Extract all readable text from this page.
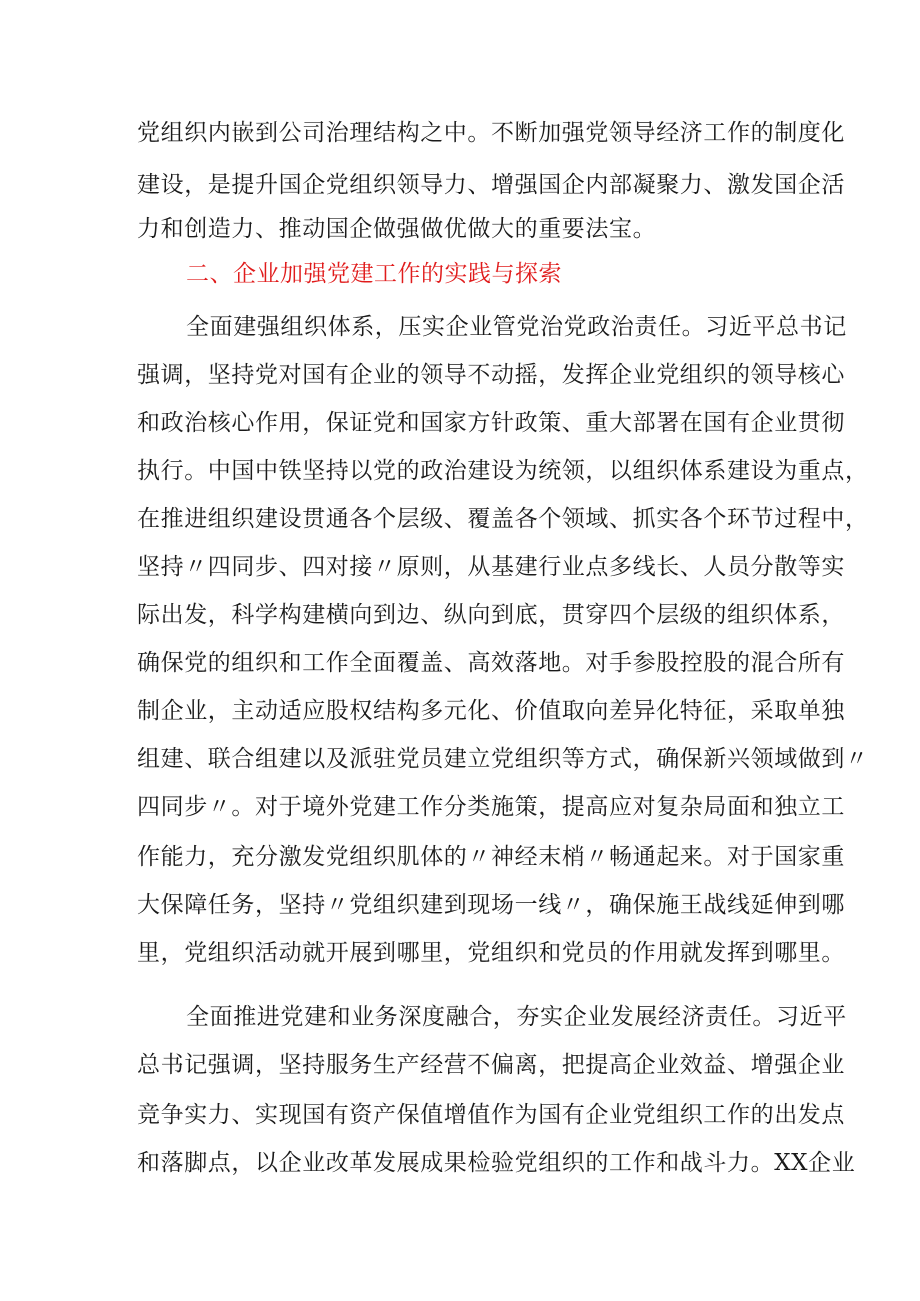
党组织内嵌到公司治理结构之中。不断加强党领导经济工作的制度化
建设，是提升国企党组织领导力、增强国企内部凝聚力、激发国企活
力和创造力、推动国企做强做优做大的重要法宝。
二、企业加强党建工作的实践与探索
全面建强组织体系，压实企业管党治党政治责任。习近平总书记
强调，坚持党对国有企业的领导不动摇，发挥企业党组织的领导核心
和政治核心作用，保证党和国家方针政策、重大部署在国有企业贯彻
执行。中国中铁坚持以党的政治建设为统领，以组织体系建设为重点，
在推进组织建设贯通各个层级、覆盖各个领域、抓实各个环节过程中，
坚持〃四同步、四对接〃原则，从基建行业点多线长、人员分散等实
际出发，科学构建横向到边、纵向到底，贯穿四个层级的组织体系，
确保党的组织和工作全面覆盖、高效落地。对手参股控股的混合所有
制企业，主动适应股权结构多元化、价值取向差异化特征，采取单独
组建、联合组建以及派驻党员建立党组织等方式，确保新兴领域做到〃
四同步〃。对于境外党建工作分类施策，提高应对复杂局面和独立工
作能力，充分激发党组织肌体的〃神经末梢〃畅通起来。对于国家重
大保障任务，坚持〃党组织建到现场一线〃，确保施王战线延伸到哪
里，党组织活动就开展到哪里，党组织和党员的作用就发挥到哪里。
全面推进党建和业务深度融合，夯实企业发展经济责任。习近平
总书记强调，坚持服务生产经营不偏离，把提高企业效益、增强企业
竞争实力、实现国有资产保值增值作为国有企业党组织工作的出发点
和落脚点，以企业改革发展成果检验党组织的工作和战斗力。XX企业
